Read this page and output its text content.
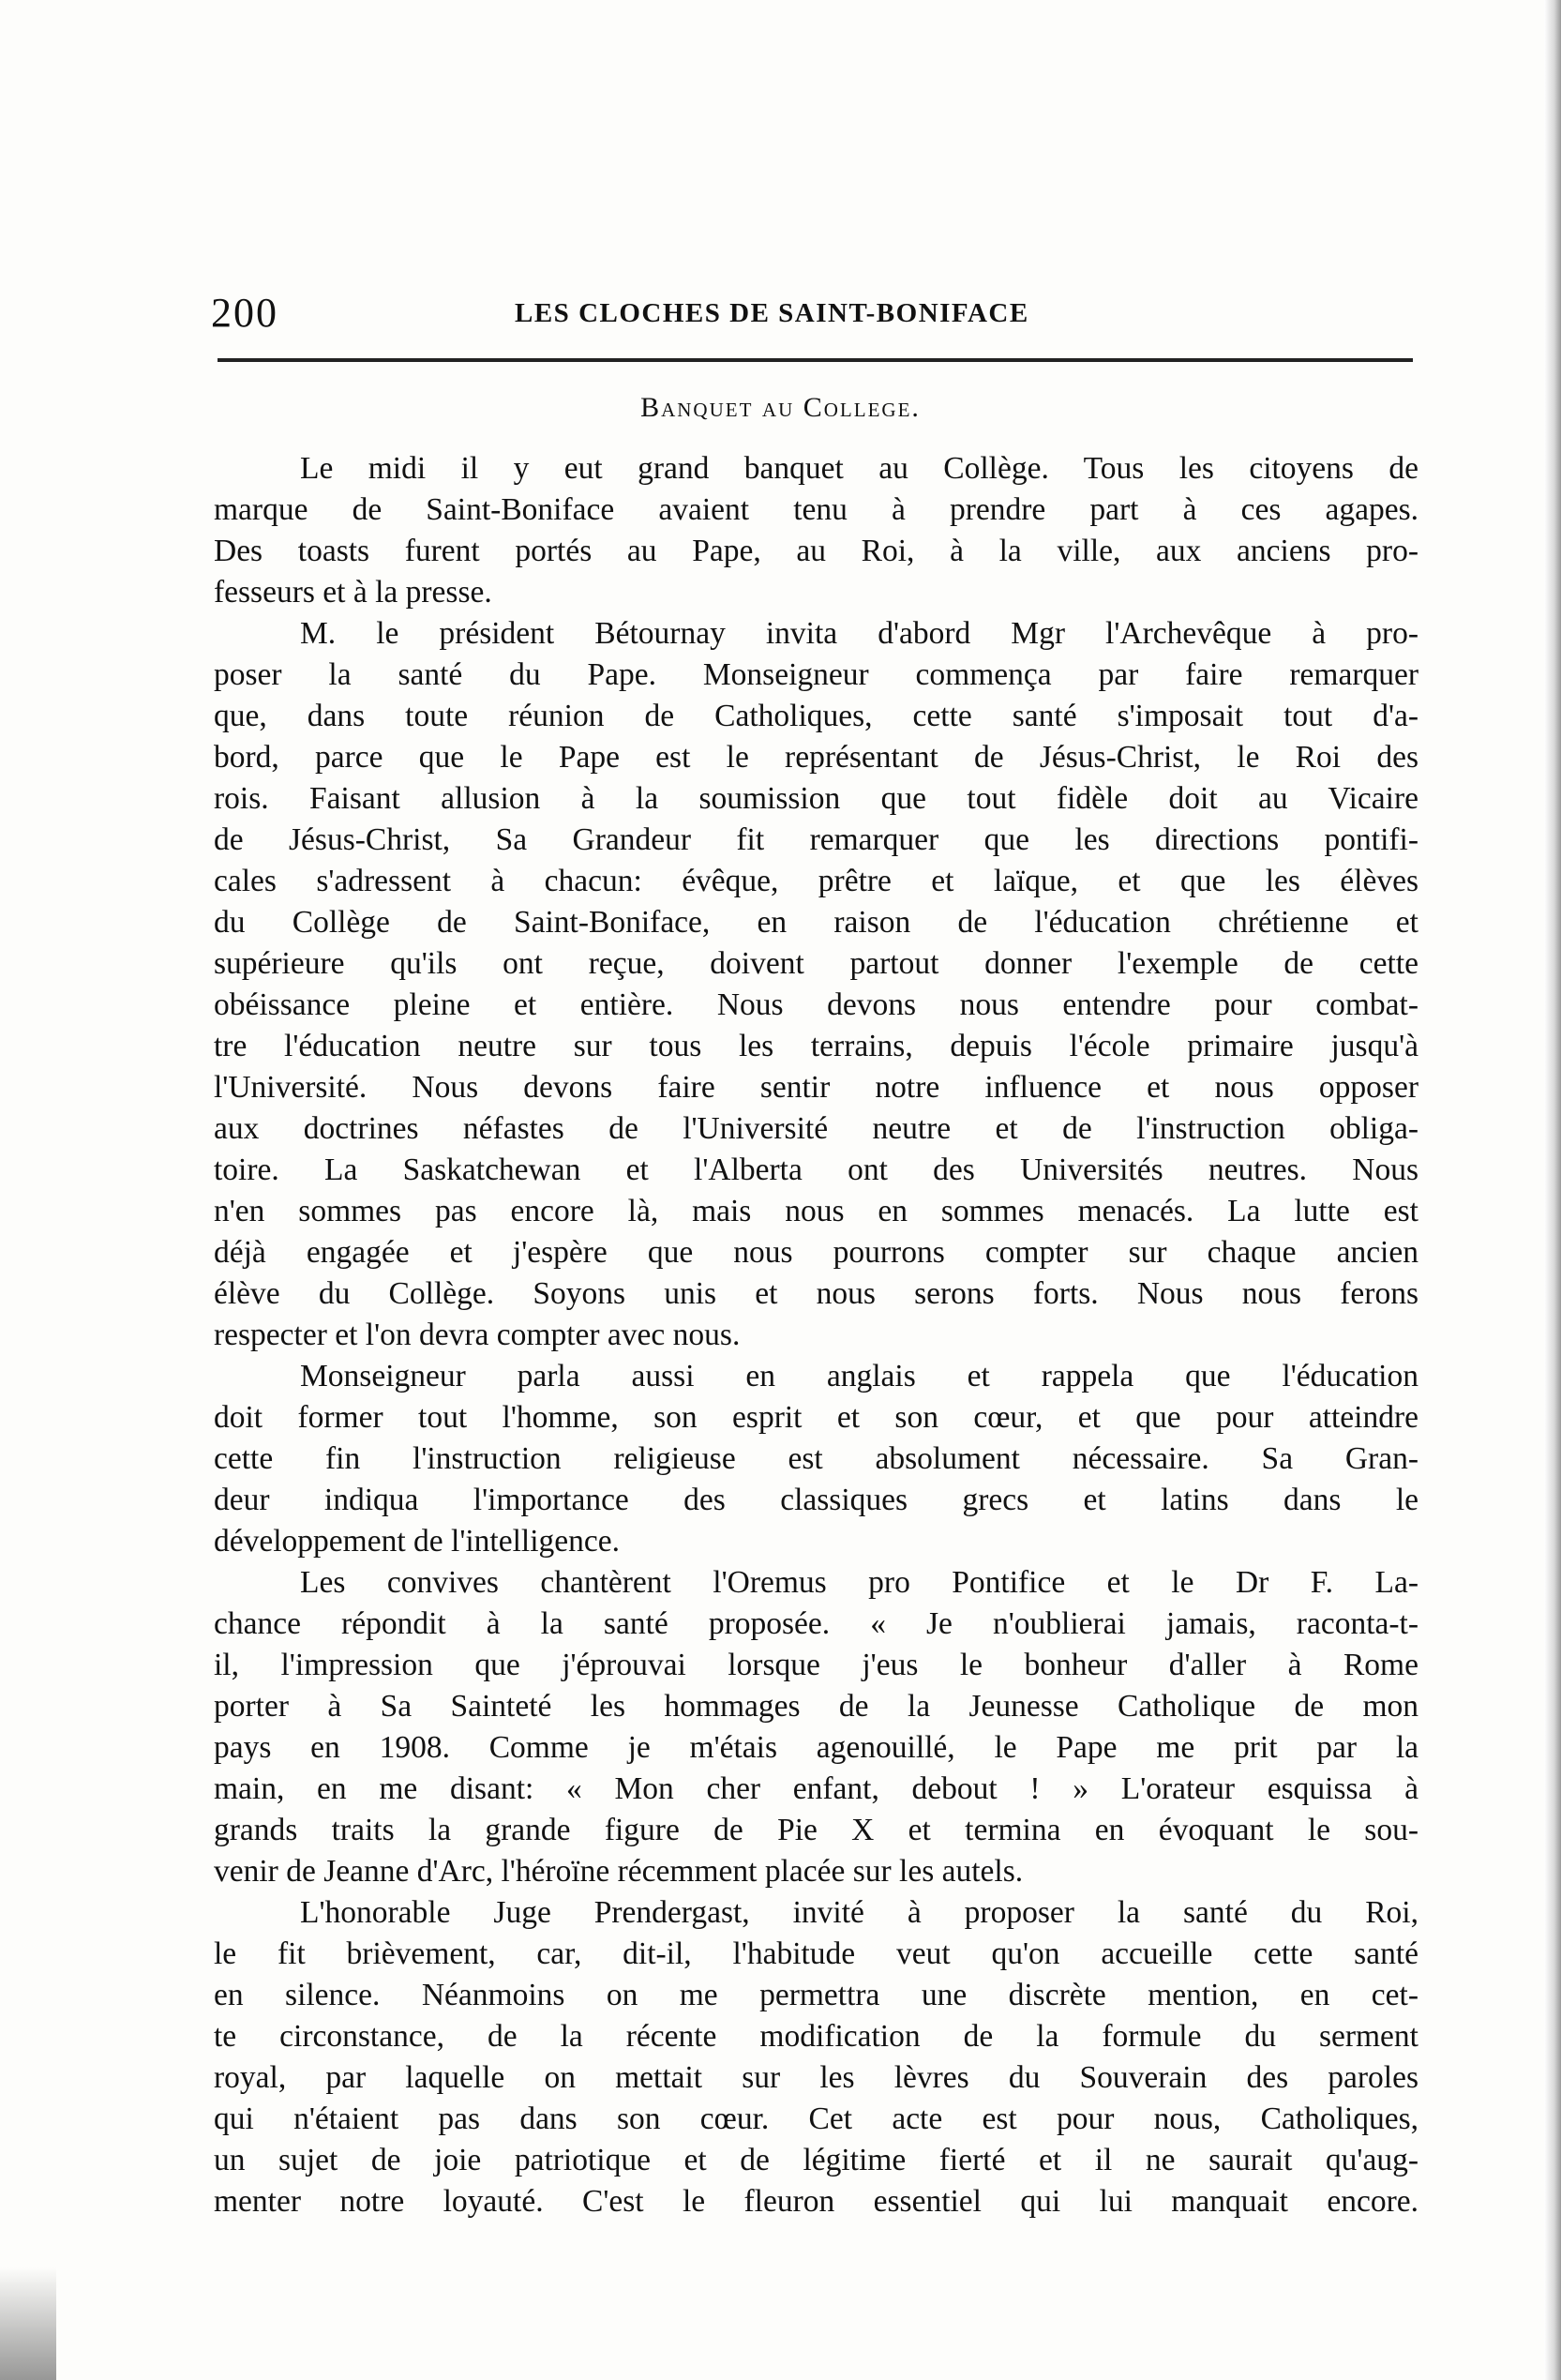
200	LES CLOCHES DE SAINT-BONIFACE
Banquet au College.
Le midi il y eut grand banquet au Collège. Tous les citoyens de
marque de Saint-Boniface avaient tenu à prendre part à ces agapes.
Des toasts furent portés au Pape, au Roi, à la ville, aux anciens pro-
fesseurs et à la presse.
M. le président Bétournay invita d'abord Mgr l'Archevêque à pro-
poser la santé du Pape. Monseigneur commença par faire remarquer
que, dans toute réunion de Catholiques, cette santé s'imposait tout d'a-
bord, parce que le Pape est le représentant de Jésus-Christ, le Roi des
rois. Faisant allusion à la soumission que tout fidèle doit au Vicaire
de Jésus-Christ, Sa Grandeur fit remarquer que les directions pontifi-
cales s'adressent à chacun: évêque, prêtre et laïque, et que les élèves
du Collège de Saint-Boniface, en raison de l'éducation chrétienne et
supérieure qu'ils ont reçue, doivent partout donner l'exemple de cette
obéissance pleine et entière. Nous devons nous entendre pour combat-
tre l'éducation neutre sur tous les terrains, depuis l'école primaire jusqu'à
l'Université. Nous devons faire sentir notre influence et nous opposer
aux doctrines néfastes de l'Université neutre et de l'instruction obliga-
toire. La Saskatchewan et l'Alberta ont des Universités neutres. Nous
n'en sommes pas encore là, mais nous en sommes menacés. La lutte est
déjà engagée et j'espère que nous pourrons compter sur chaque ancien
élève du Collège. Soyons unis et nous serons forts. Nous nous ferons
respecter et l'on devra compter avec nous.
Monseigneur parla aussi en anglais et rappela que l'éducation
doit former tout l'homme, son esprit et son cœur, et que pour atteindre
cette fin l'instruction religieuse est absolument nécessaire. Sa Gran-
deur indiqua l'importance des classiques grecs et latins dans le
développement de l'intelligence.
Les convives chantèrent l'Oremus pro Pontifice et le Dr F. La-
chance répondit à la santé proposée. « Je n'oublierai jamais, raconta-t-
il, l'impression que j'éprouvai lorsque j'eus le bonheur d'aller à Rome
porter à Sa Sainteté les hommages de la Jeunesse Catholique de mon
pays en 1908. Comme je m'étais agenouillé, le Pape me prit par la
main, en me disant: « Mon cher enfant, debout ! » L'orateur esquissa à
grands traits la grande figure de Pie X et termina en évoquant le sou-
venir de Jeanne d'Arc, l'héroïne récemment placée sur les autels.
L'honorable Juge Prendergast, invité à proposer la santé du Roi,
le fit brièvement, car, dit-il, l'habitude veut qu'on accueille cette santé
en silence. Néanmoins on me permettra une discrète mention, en cet-
te circonstance, de la récente modification de la formule du serment
royal, par laquelle on mettait sur les lèvres du Souverain des paroles
qui n'étaient pas dans son cœur. Cet acte est pour nous, Catholiques,
un sujet de joie patriotique et de légitime fierté et il ne saurait qu'aug-
menter notre loyauté. C'est le fleuron essentiel qui lui manquait encore.
